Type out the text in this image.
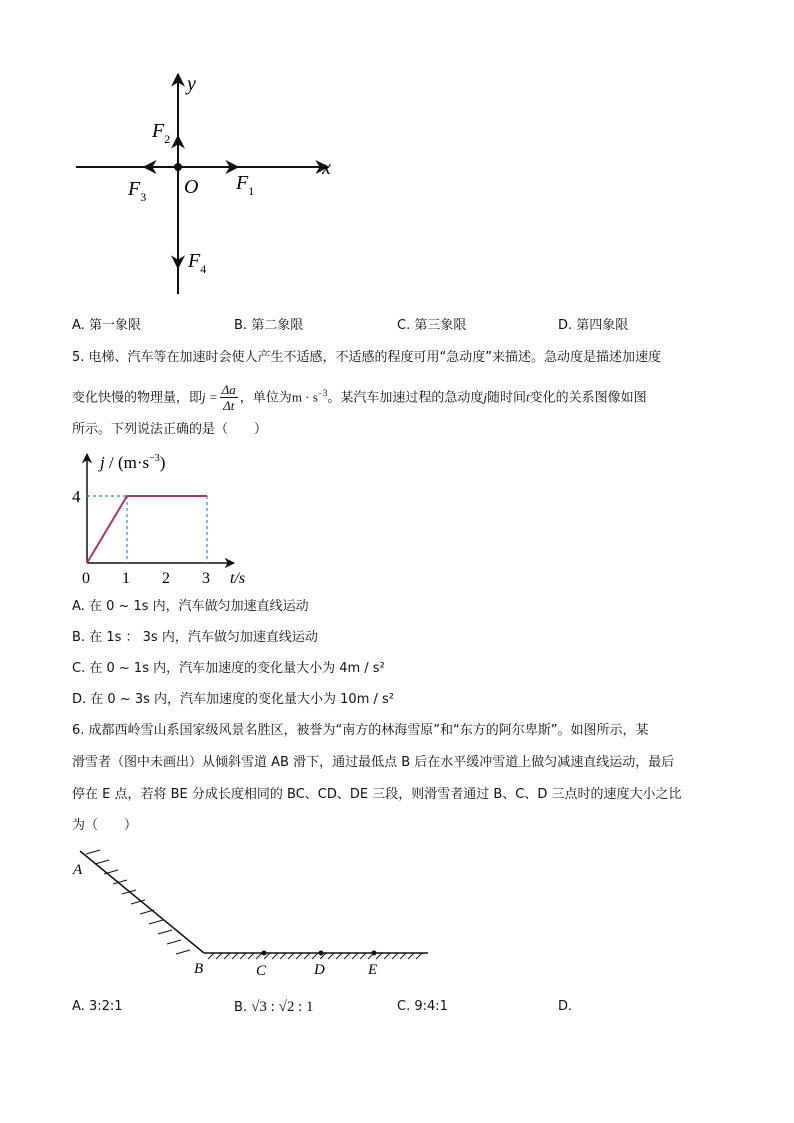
y
x
O $F_1$
$F_2$
$F_3$
$F_4$
A. 第一象限	B. 第二象限	C. 第三象限	D. 第四象限
5. 电梯、汽车等在加速时会使人产生不适感，不适感的程度可用“急动度”来描述。急动度是描述加速度
变化快慢的物理量，即$j = \frac{\Delta a}{\Delta t}$ ，单位为$m \cdot s^{-3}$。某汽车加速过程的急动度j随时间t变化的关系图像如图
所示。下列说法正确的是（　　）
$j / (m\cdot s^{-3})$
t/s
0 1 2 3
4
A. 在 0 ~ 1s 内，汽车做匀加速直线运动
B. 在 1s ： 3s 内，汽车做匀加速直线运动
C. 在 0 ~ 1s 内，汽车加速度的变化量大小为 4m / s²
D. 在 0 ~ 3s 内，汽车加速度的变化量大小为 10m / s²
6. 成都西岭雪山系国家级风景名胜区，被誉为“南方的林海雪原”和“东方的阿尔卑斯”。如图所示，某
滑雪者（图中未画出）从倾斜雪道 AB 滑下，通过最低点 B 后在水平缓冲雪道上做匀减速直线运动，最后
停在 E 点，若将 BE 分成长度相同的 BC、CD、DE 三段，则滑雪者通过 B、C、D 三点时的速度大小之比
为（　　）
A
B	C	D	E
A. 3:2:1	B. √3 : √2 : 1	C. 9:4:1	D.
